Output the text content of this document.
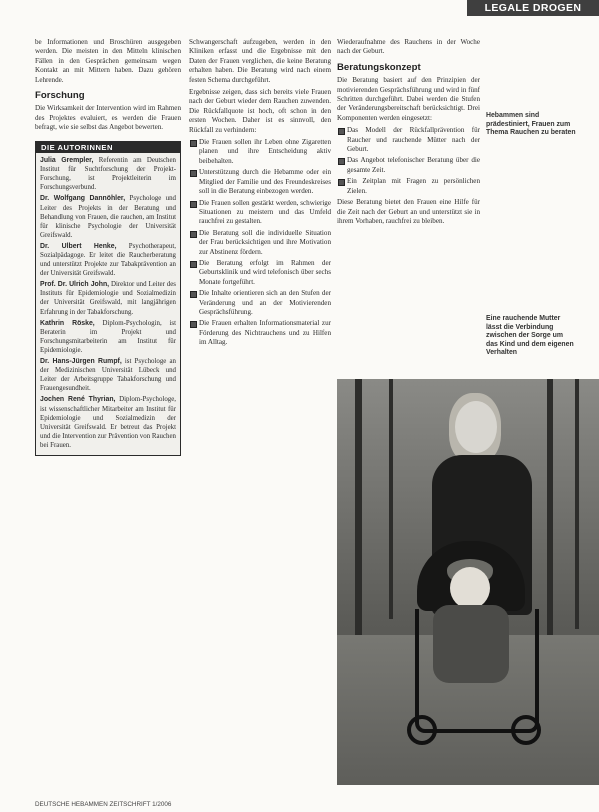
LEGALE DROGEN

be Informationen und Broschüren ausgegeben werden. Die meisten in den Mitteln klinischen Fällen in den Gesprächen gemeinsam wegen Kontakt an mit Mittern haben. Dazu gehören Lehrende.

Forschung

Die Wirksamkeit der Intervention wird im Rahmen des Projektes evaluiert, es werden die Frauen befragt, wie sie selbst das Angebot bewerten.

DIE AUTORINNEN

Julia Grempler, Referentin am Deutschen Institut für Suchtforschung der Projekt-Forschung, ist Projektleiterin im Forschungsverbund.

Dr. Wolfgang Dannöhler, Psychologe und Leiter des Projekts in der Beratung und Behandlung von Frauen, die rauchen, am Institut für klinische Psychologie der Universität Greifswald.

Dr. Ulbert Henke, Psychotherapeut, Sozialpädagoge. Er leitet die Raucherberatung und unterstützt Projekte zur Tabakprävention an der Universität Greifswald.

Prof. Dr. Ulrich John, Direktor und Leiter des Instituts für Epidemiologie und Sozialmedizin der Universität Greifswald, mit langjährigen Erfahrung in der Tabakforschung.

Kathrin Röske, Diplom-Psychologin, ist Beraterin im Projekt und Forschungsmitarbeiterin am Institut für Epidemiologie.

Dr. Hans-Jürgen Rumpf, ist Psychologe an der Medizinischen Universität Lübeck und Leiter der Arbeitsgruppe Tabakforschung und Frauengesundheit.

Jochen René Thyrian, Diplom-Psychologe, ist wissenschaftlicher Mitarbeiter am Institut für Epidemiologie und Sozialmedizin der Universität Greifswald. Er betreut das Projekt und die Intervention zur Prävention von Rauchen bei Frauen.

Schwangerschaft aufzugeben, werden in den Kliniken erfasst und die Ergebnisse mit den Daten der Frauen verglichen, die keine Beratung erhalten haben. Die Beratung wird nach einem festen Schema durchgeführt.

Ergebnisse zeigen, dass sich bereits viele Frauen nach der Geburt wieder dem Rauchen zuwenden. Die Rückfallquote ist hoch, oft schon in den ersten Wochen. Daher ist es sinnvoll, den Rückfall zu verhindern:

Die Frauen sollen ihr Leben ohne Zigaretten planen und ihre Entscheidung aktiv beibehalten.
Unterstützung durch die Hebamme oder ein Mitglied der Familie und des Freundeskreises soll in die Beratung einbezogen werden.
Die Frauen sollen gestärkt werden, schwierige Situationen zu meistern und das Umfeld rauchfrei zu gestalten.
Die Beratung soll die individuelle Situation der Frau berücksichtigen und ihre Motivation zur Abstinenz fördern.
Die Beratung erfolgt im Rahmen der Geburtsklinik und wird telefonisch über sechs Monate fortgeführt.
Die Inhalte orientieren sich an den Stufen der Veränderung und an der Motivierenden Gesprächsführung.
Die Frauen erhalten Informationsmaterial zur Förderung des Nichtrauchens und zu Hilfen im Alltag.

Wiederaufnahme des Rauchens in der Woche nach der Geburt.

Beratungskonzept

Die Beratung basiert auf den Prinzipien der motivierenden Gesprächsführung und wird in fünf Schritten durchgeführt. Dabei werden die Stufen der Veränderungsbereitschaft berücksichtigt. Drei Komponenten werden eingesetzt:

Das Modell der Rückfallprävention für Raucher und rauchende Mütter nach der Geburt.
Das Angebot telefonischer Beratung über die gesamte Zeit.
Ein Zeitplan mit Fragen zu persönlichen Zielen.

Diese Beratung bietet den Frauen eine Hilfe für die Zeit nach der Geburt an und unterstützt sie in ihrem Vorhaben, rauchfrei zu bleiben.

Hebammen sind prädestiniert, Frauen zum Thema Rauchen zu beraten
Eine rauchende Mutter lässt die Verbindung zwischen der Sorge um das Kind und dem eigenen Verhalten
DEUTSCHE HEBAMMEN ZEITSCHRIFT 1/2006
